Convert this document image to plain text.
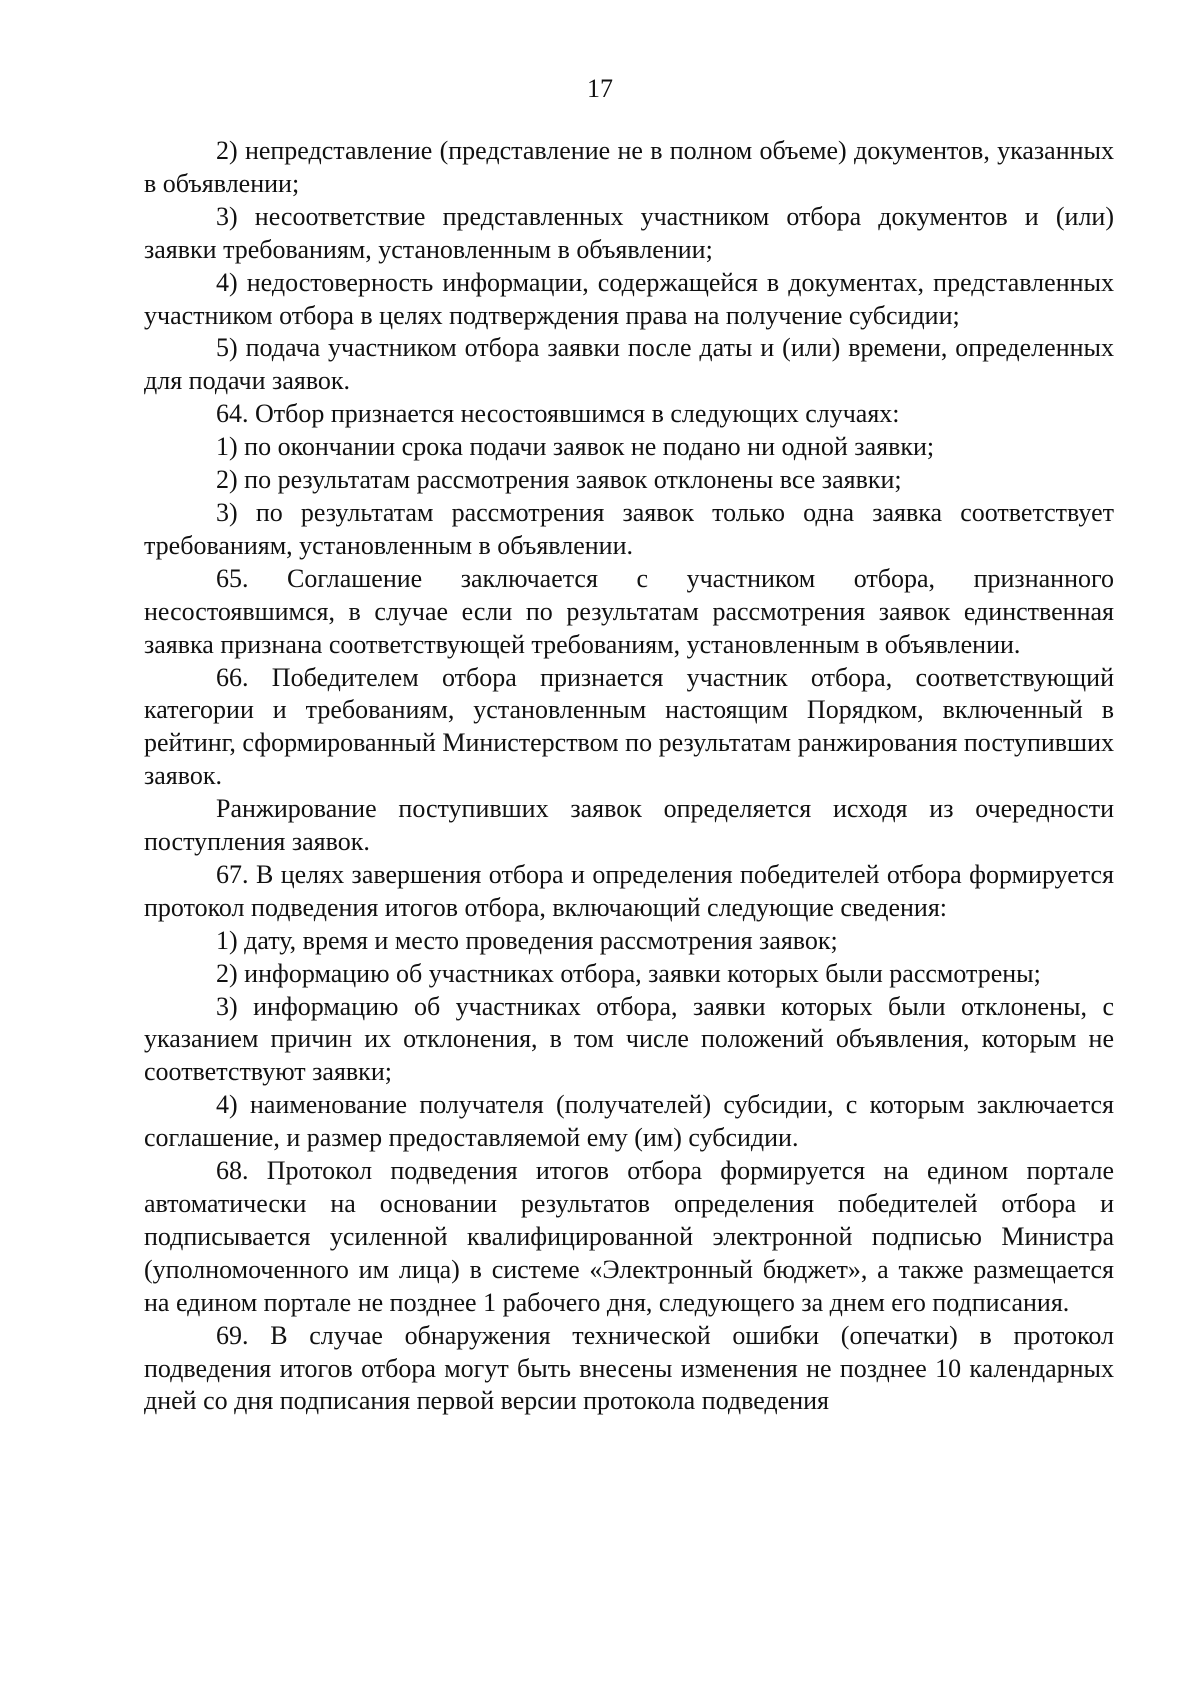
17

2) непредставление (представление не в полном объеме) документов, указанных в объявлении;

3) несоответствие представленных участником отбора документов и (или) заявки требованиям, установленным в объявлении;

4) недостоверность информации, содержащейся в документах, представленных участником отбора в целях подтверждения права на получение субсидии;

5) подача участником отбора заявки после даты и (или) времени, определенных для подачи заявок.

64. Отбор признается несостоявшимся в следующих случаях:

1) по окончании срока подачи заявок не подано ни одной заявки;

2) по результатам рассмотрения заявок отклонены все заявки;

3) по результатам рассмотрения заявок только одна заявка соответствует требованиям, установленным в объявлении.

65. Соглашение заключается с участником отбора, признанного несостоявшимся, в случае если по результатам рассмотрения заявок единственная заявка признана соответствующей требованиям, установленным в объявлении.

66. Победителем отбора признается участник отбора, соответствующий категории и требованиям, установленным настоящим Порядком, включенный в рейтинг, сформированный Министерством по результатам ранжирования поступивших заявок.

Ранжирование поступивших заявок определяется исходя из очередности поступления заявок.

67. В целях завершения отбора и определения победителей отбора формируется протокол подведения итогов отбора, включающий следующие сведения:

1) дату, время и место проведения рассмотрения заявок;

2) информацию об участниках отбора, заявки которых были рассмотрены;

3) информацию об участниках отбора, заявки которых были отклонены, с указанием причин их отклонения, в том числе положений объявления, которым не соответствуют заявки;

4) наименование получателя (получателей) субсидии, с которым заключается соглашение, и размер предоставляемой ему (им) субсидии.

68. Протокол подведения итогов отбора формируется на едином портале автоматически на основании результатов определения победителей отбора и подписывается усиленной квалифицированной электронной подписью Министра (уполномоченного им лица) в системе «Электронный бюджет», а также размещается на едином портале не позднее 1 рабочего дня, следующего за днем его подписания.

69. В случае обнаружения технической ошибки (опечатки) в протокол подведения итогов отбора могут быть внесены изменения не позднее 10 календарных дней со дня подписания первой версии протокола подведения
